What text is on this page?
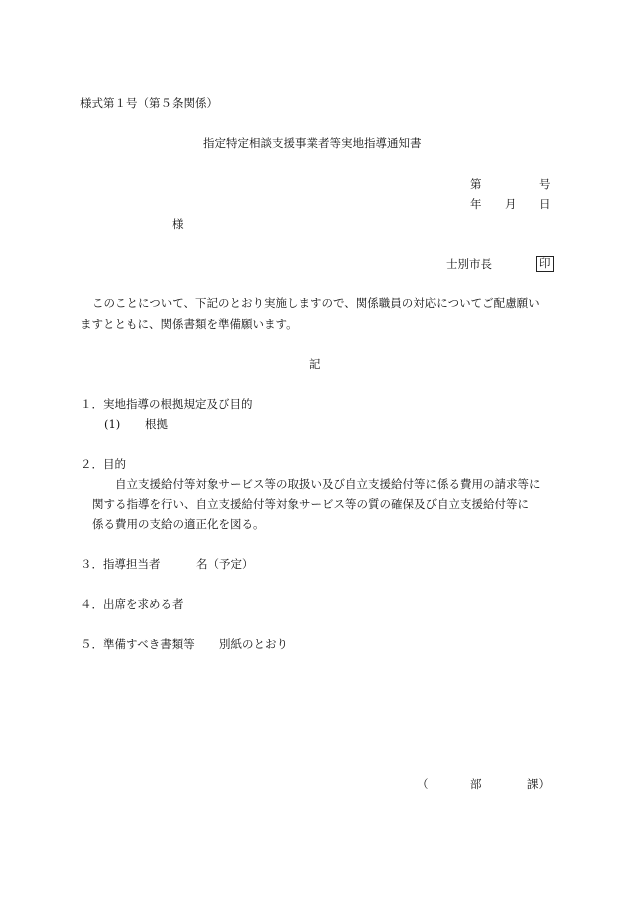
様式第１号（第５条関係）
指定特定相談支援事業者等実地指導通知書
第	号
年 月 日
様
士別市長	印
このことについて、下記のとおり実施しますので、関係職員の対応についてご配慮願い
ますとともに、関係書類を準備願います。
記
１．実地指導の根拠規定及び目的
(1) 根拠
２．目的
自立支援給付等対象サービス等の取扱い及び自立支援給付等に係る費用の請求等に
関する指導を行い、自立支援給付等対象サービス等の質の確保及び自立支援給付等に
係る費用の支給の適正化を図る。
３．指導担当者	名（予定）
４．出席を求める者
５．準備すべき書類等 別紙のとおり
（	部	課）
